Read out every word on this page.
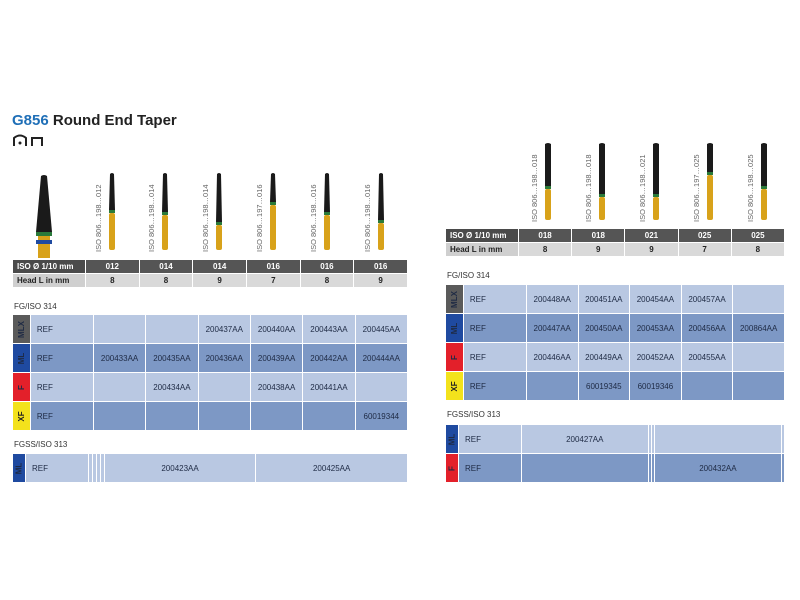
G856 Round End Taper
ISO 806…198…012	ISO 806…198…014	ISO 806…198…014	ISO 806…197…016	ISO 806…198…016	ISO 806…198…016
ISO Ø 1/10 mm	012	014	014	016	016	016
Head L in mm	8	8	9	7	8	9
FG/ISO 314
MLX	REF			200437AA	200440AA	200443AA	200445AA

ML	REF	200433AA	200435AA	200436AA	200439AA	200442AA	200444AA

F	REF		200434AA		200438AA	200441AA	

XF	REF						60019344
FGSS/ISO 313
ML	REF					200423AA	200425AA
ISO 806…198…018	ISO 806…198…018	ISO 806…198…021	ISO 806…197…025	ISO 806…198…025
ISO Ø 1/10 mm	018	018	021	025	025
Head L in mm	8	9	9	7	8
FG/ISO 314
MLX	REF	200448AA	200451AA	200454AA	200457AA	

ML	REF	200447AA	200450AA	200453AA	200456AA	200864AA

F	REF	200446AA	200449AA	200452AA	200455AA	

XF	REF		60019345	60019346		
FGSS/ISO 313
ML	REF	200427AA				

F	REF				200432AA	
